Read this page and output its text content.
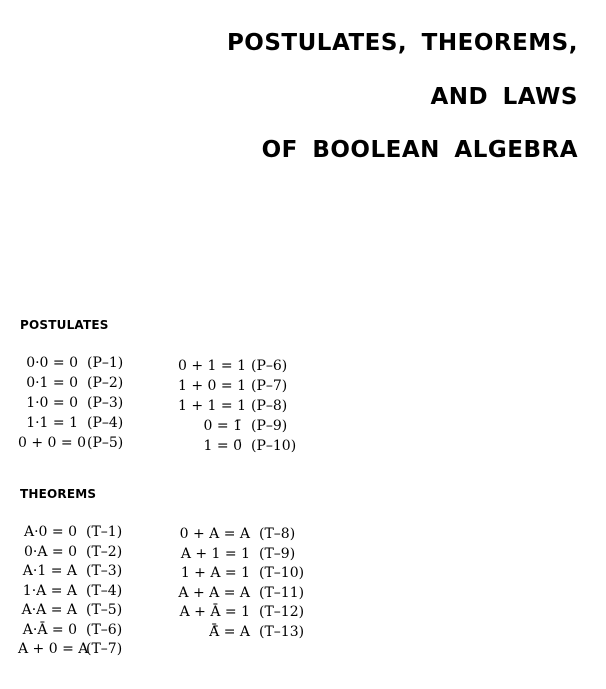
POSTULATES, THEOREMS,
AND LAWS
OF BOOLEAN ALGEBRA
POSTULATES
0·0 = 0 (P–1)
0·1 = 0 (P–2)
1·0 = 0 (P–3)
1·1 = 1 (P–4)
0 + 0 = 0(P–5)
0 + 1 = 1 (P–6)
1 + 0 = 1 (P–7)
1 + 1 = 1 (P–8)
0 = 1̄ (P–9)
1 = 0̄ (P–10)
THEOREMS
A·0 = 0 (T–1)
0·A = 0 (T–2)
A·1 = A (T–3)
1·A = A (T–4)
A·A = A (T–5)
A·Ā = 0 (T–6)
A + 0 = A(T–7)
0 + A = A (T–8)
A + 1 = 1 (T–9)
1 + A = 1 (T–10)
A + A = A (T–11)
A + Ā = 1 (T–12)
Ā̄ = A (T–13)
